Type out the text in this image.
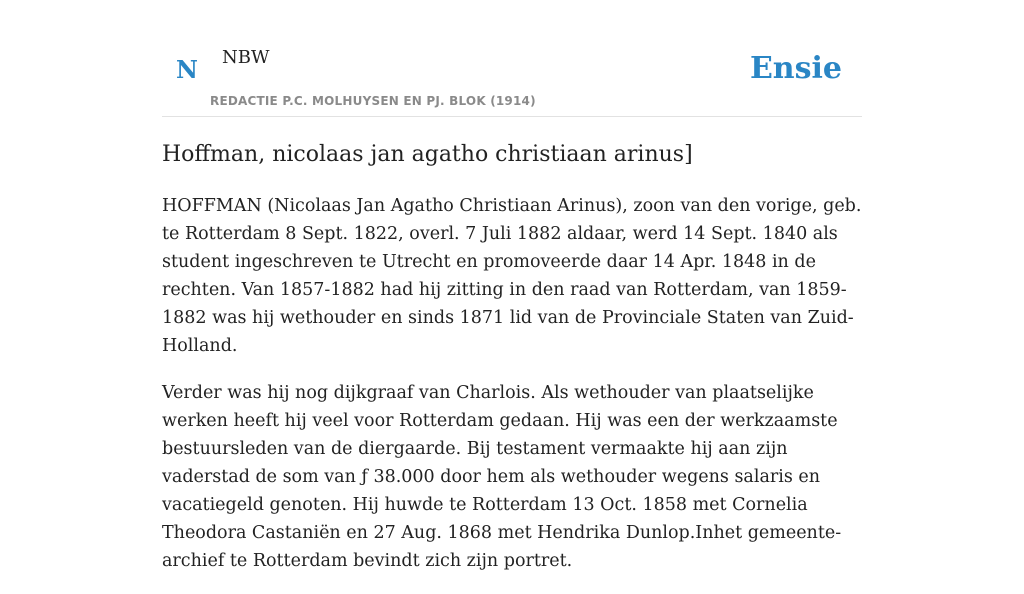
N NBW
REDACTIE P.C. MOLHUYSEN EN PJ. BLOK (1914)
Ensie
Hoffman, nicolaas jan agatho christiaan arinus]

HOFFMAN (Nicolaas Jan Agatho Christiaan Arinus), zoon van den vorige, geb. te Rotterdam 8 Sept. 1822, overl. 7 Juli 1882 aldaar, werd 14 Sept. 1840 als student ingeschreven te Utrecht en promoveerde daar 14 Apr. 1848 in de rechten. Van 1857-1882 had hij zitting in den raad van Rotterdam, van 1859-1882 was hij wethouder en sinds 1871 lid van de Provinciale Staten van Zuid-Holland.

Verder was hij nog dijkgraaf van Charlois. Als wethouder van plaatselijke werken heeft hij veel voor Rotterdam gedaan. Hij was een der werkzaamste bestuursleden van de diergaarde. Bij testament vermaakte hij aan zijn vaderstad de som van ƒ 38.000 door hem als wethouder wegens salaris en vacatiegeld genoten. Hij huwde te Rotterdam 13 Oct. 1858 met Cornelia Theodora Castaniën en 27 Aug. 1868 met Hendrika Dunlop.Inhet gemeente-archief te Rotterdam bevindt zich zijn portret.
